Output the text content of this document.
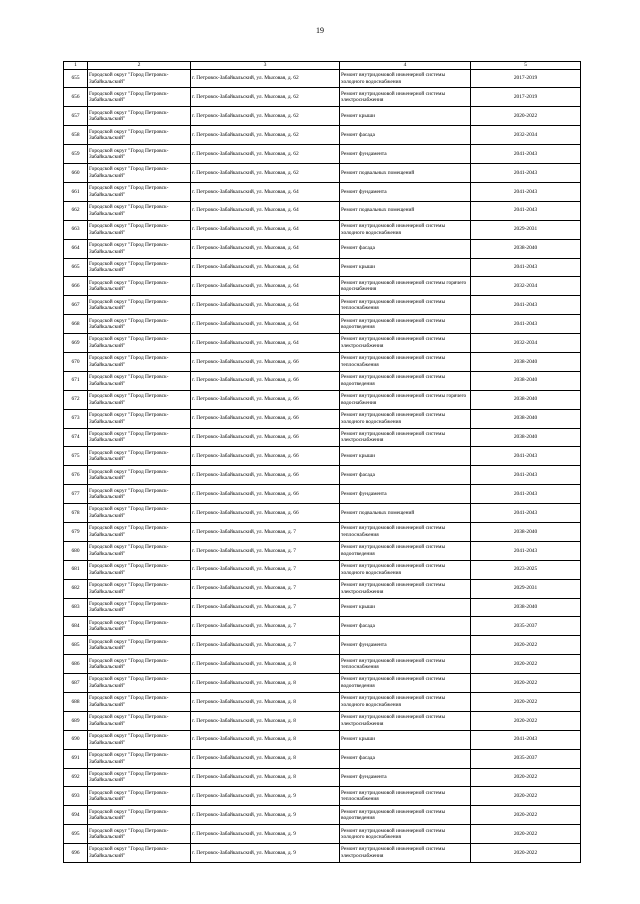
19
1	2	3	4	5
655	Городской округ "Город Петровск-Забайкальский"	г. Петровск-Забайкальский, ул. Мысовая, д. 62	Ремонт внутридомовой инженерной системы холодного водоснабжения	2017-2019
656	Городской округ "Город Петровск-Забайкальский"	г. Петровск-Забайкальский, ул. Мысовая, д. 62	Ремонт внутридомовой инженерной системы электроснабжения	2017-2019
657	Городской округ "Город Петровск-Забайкальский"	г. Петровск-Забайкальский, ул. Мысовая, д. 62	Ремонт крыши	2020-2022
658	Городской округ "Город Петровск-Забайкальский"	г. Петровск-Забайкальский, ул. Мысовая, д. 62	Ремонт фасада	2032-2034
659	Городской округ "Город Петровск-Забайкальский"	г. Петровск-Забайкальский, ул. Мысовая, д. 62	Ремонт фундамента	2041-2043
660	Городской округ "Город Петровск-Забайкальский"	г. Петровск-Забайкальский, ул. Мысовая, д. 62	Ремонт подвальных помещений	2041-2043
661	Городской округ "Город Петровск-Забайкальский"	г. Петровск-Забайкальский, ул. Мысовая, д. 64	Ремонт фундамента	2041-2043
662	Городской округ "Город Петровск-Забайкальский"	г. Петровск-Забайкальский, ул. Мысовая, д. 64	Ремонт подвальных помещений	2041-2043
663	Городской округ "Город Петровск-Забайкальский"	г. Петровск-Забайкальский, ул. Мысовая, д. 64	Ремонт внутридомовой инженерной системы холодного водоснабжения	2029-2031
664	Городской округ "Город Петровск-Забайкальский"	г. Петровск-Забайкальский, ул. Мысовая, д. 64	Ремонт фасада	2038-2040
665	Городской округ "Город Петровск-Забайкальский"	г. Петровск-Забайкальский, ул. Мысовая, д. 64	Ремонт крыши	2041-2043
666	Городской округ "Город Петровск-Забайкальский"	г. Петровск-Забайкальский, ул. Мысовая, д. 64	Ремонт внутридомовой инженерной системы горячего водоснабжения	2032-2034
667	Городской округ "Город Петровск-Забайкальский"	г. Петровск-Забайкальский, ул. Мысовая, д. 64	Ремонт внутридомовой инженерной системы теплоснабжения	2041-2043
668	Городской округ "Город Петровск-Забайкальский"	г. Петровск-Забайкальский, ул. Мысовая, д. 64	Ремонт внутридомовой инженерной системы водоотведения	2041-2043
669	Городской округ "Город Петровск-Забайкальский"	г. Петровск-Забайкальский, ул. Мысовая, д. 64	Ремонт внутридомовой инженерной системы электроснабжения	2032-2034
670	Городской округ "Город Петровск-Забайкальский"	г. Петровск-Забайкальский, ул. Мысовая, д. 66	Ремонт внутридомовой инженерной системы теплоснабжения	2038-2040
671	Городской округ "Город Петровск-Забайкальский"	г. Петровск-Забайкальский, ул. Мысовая, д. 66	Ремонт внутридомовой инженерной системы водоотведения	2038-2040
672	Городской округ "Город Петровск-Забайкальский"	г. Петровск-Забайкальский, ул. Мысовая, д. 66	Ремонт внутридомовой инженерной системы горячего водоснабжения	2038-2040
673	Городской округ "Город Петровск-Забайкальский"	г. Петровск-Забайкальский, ул. Мысовая, д. 66	Ремонт внутридомовой инженерной системы холодного водоснабжения	2038-2040
674	Городской округ "Город Петровск-Забайкальский"	г. Петровск-Забайкальский, ул. Мысовая, д. 66	Ремонт внутридомовой инженерной системы электроснабжения	2038-2040
675	Городской округ "Город Петровск-Забайкальский"	г. Петровск-Забайкальский, ул. Мысовая, д. 66	Ремонт крыши	2041-2043
676	Городской округ "Город Петровск-Забайкальский"	г. Петровск-Забайкальский, ул. Мысовая, д. 66	Ремонт фасада	2041-2043
677	Городской округ "Город Петровск-Забайкальский"	г. Петровск-Забайкальский, ул. Мысовая, д. 66	Ремонт фундамента	2041-2043
678	Городской округ "Город Петровск-Забайкальский"	г. Петровск-Забайкальский, ул. Мысовая, д. 66	Ремонт подвальных помещений	2041-2043
679	Городской округ "Город Петровск-Забайкальский"	г. Петровск-Забайкальский, ул. Мысовая, д. 7	Ремонт внутридомовой инженерной системы теплоснабжения	2038-2040
680	Городской округ "Город Петровск-Забайкальский"	г. Петровск-Забайкальский, ул. Мысовая, д. 7	Ремонт внутридомовой инженерной системы водоотведения	2041-2043
681	Городской округ "Город Петровск-Забайкальский"	г. Петровск-Забайкальский, ул. Мысовая, д. 7	Ремонт внутридомовой инженерной системы холодного водоснабжения	2023-2025
682	Городской округ "Город Петровск-Забайкальский"	г. Петровск-Забайкальский, ул. Мысовая, д. 7	Ремонт внутридомовой инженерной системы электроснабжения	2029-2031
683	Городской округ "Город Петровск-Забайкальский"	г. Петровск-Забайкальский, ул. Мысовая, д. 7	Ремонт крыши	2038-2040
684	Городской округ "Город Петровск-Забайкальский"	г. Петровск-Забайкальский, ул. Мысовая, д. 7	Ремонт фасада	2035-2037
685	Городской округ "Город Петровск-Забайкальский"	г. Петровск-Забайкальский, ул. Мысовая, д. 7	Ремонт фундамента	2020-2022
686	Городской округ "Город Петровск-Забайкальский"	г. Петровск-Забайкальский, ул. Мысовая, д. 8	Ремонт внутридомовой инженерной системы теплоснабжения	2020-2022
687	Городской округ "Город Петровск-Забайкальский"	г. Петровск-Забайкальский, ул. Мысовая, д. 8	Ремонт внутридомовой инженерной системы водоотведения	2020-2022
688	Городской округ "Город Петровск-Забайкальский"	г. Петровск-Забайкальский, ул. Мысовая, д. 8	Ремонт внутридомовой инженерной системы холодного водоснабжения	2020-2022
689	Городской округ "Город Петровск-Забайкальский"	г. Петровск-Забайкальский, ул. Мысовая, д. 8	Ремонт внутридомовой инженерной системы электроснабжения	2020-2022
690	Городской округ "Город Петровск-Забайкальский"	г. Петровск-Забайкальский, ул. Мысовая, д. 8	Ремонт крыши	2041-2043
691	Городской округ "Город Петровск-Забайкальский"	г. Петровск-Забайкальский, ул. Мысовая, д. 8	Ремонт фасада	2035-2037
692	Городской округ "Город Петровск-Забайкальский"	г. Петровск-Забайкальский, ул. Мысовая, д. 8	Ремонт фундамента	2020-2022
693	Городской округ "Город Петровск-Забайкальский"	г. Петровск-Забайкальский, ул. Мысовая, д. 9	Ремонт внутридомовой инженерной системы теплоснабжения	2020-2022
694	Городской округ "Город Петровск-Забайкальский"	г. Петровск-Забайкальский, ул. Мысовая, д. 9	Ремонт внутридомовой инженерной системы водоотведения	2020-2022
695	Городской округ "Город Петровск-Забайкальский"	г. Петровск-Забайкальский, ул. Мысовая, д. 9	Ремонт внутридомовой инженерной системы холодного водоснабжения	2020-2022
696	Городской округ "Город Петровск-Забайкальский"	г. Петровск-Забайкальский, ул. Мысовая, д. 9	Ремонт внутридомовой инженерной системы электроснабжения	2020-2022
